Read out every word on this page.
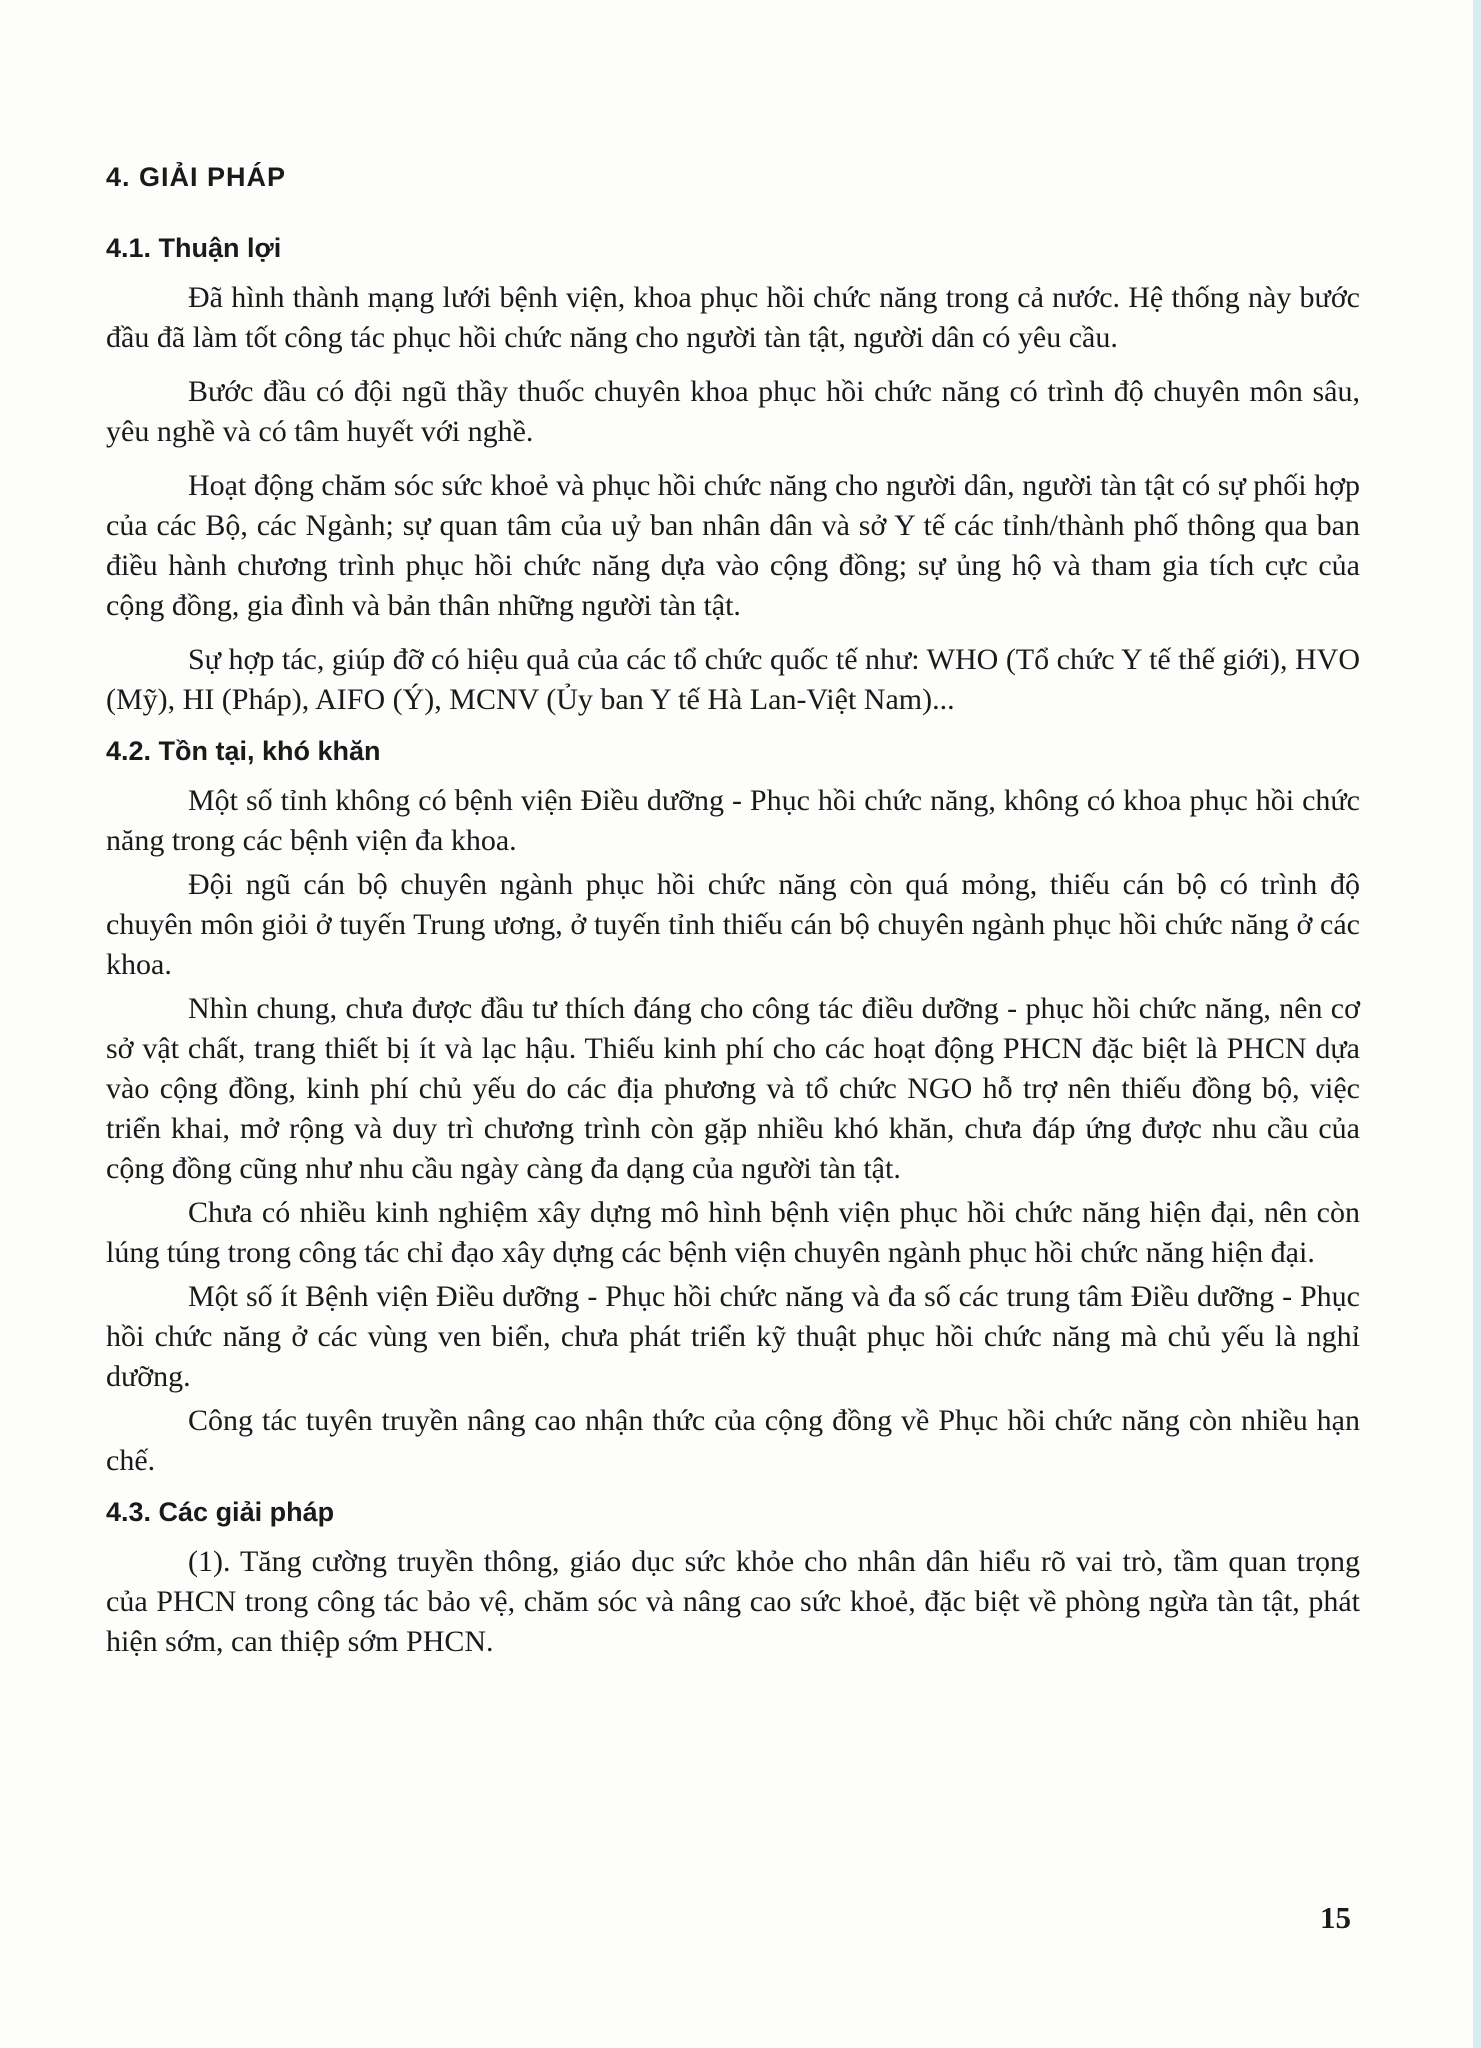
4. GIẢI PHÁP
4.1. Thuận lợi

Đã hình thành mạng lưới bệnh viện, khoa phục hồi chức năng trong cả nước. Hệ thống này bước đầu đã làm tốt công tác phục hồi chức năng cho người tàn tật, người dân có yêu cầu.

Bước đầu có đội ngũ thầy thuốc chuyên khoa phục hồi chức năng có trình độ chuyên môn sâu, yêu nghề và có tâm huyết với nghề.

Hoạt động chăm sóc sức khoẻ và phục hồi chức năng cho người dân, người tàn tật có sự phối hợp của các Bộ, các Ngành; sự quan tâm của uỷ ban nhân dân và sở Y tế các tỉnh/thành phố thông qua ban điều hành chương trình phục hồi chức năng dựa vào cộng đồng; sự ủng hộ và tham gia tích cực của cộng đồng, gia đình và bản thân những người tàn tật.

Sự hợp tác, giúp đỡ có hiệu quả của các tổ chức quốc tế như: WHO (Tổ chức Y tế thế giới), HVO (Mỹ), HI (Pháp), AIFO (Ý), MCNV (Ủy ban Y tế Hà Lan-Việt Nam)...

4.2. Tồn tại, khó khăn

Một số tỉnh không có bệnh viện Điều dưỡng - Phục hồi chức năng, không có khoa phục hồi chức năng trong các bệnh viện đa khoa.

Đội ngũ cán bộ chuyên ngành phục hồi chức năng còn quá mỏng, thiếu cán bộ có trình độ chuyên môn giỏi ở tuyến Trung ương, ở tuyến tỉnh thiếu cán bộ chuyên ngành phục hồi chức năng ở các khoa.

Nhìn chung, chưa được đầu tư thích đáng cho công tác điều dưỡng - phục hồi chức năng, nên cơ sở vật chất, trang thiết bị ít và lạc hậu. Thiếu kinh phí cho các hoạt động PHCN đặc biệt là PHCN dựa vào cộng đồng, kinh phí chủ yếu do các địa phương và tổ chức NGO hỗ trợ nên thiếu đồng bộ, việc triển khai, mở rộng và duy trì chương trình còn gặp nhiều khó khăn, chưa đáp ứng được nhu cầu của cộng đồng cũng như nhu cầu ngày càng đa dạng của người tàn tật.

Chưa có nhiều kinh nghiệm xây dựng mô hình bệnh viện phục hồi chức năng hiện đại, nên còn lúng túng trong công tác chỉ đạo xây dựng các bệnh viện chuyên ngành phục hồi chức năng hiện đại.

Một số ít Bệnh viện Điều dưỡng - Phục hồi chức năng và đa số các trung tâm Điều dưỡng - Phục hồi chức năng ở các vùng ven biển, chưa phát triển kỹ thuật phục hồi chức năng mà chủ yếu là nghỉ dưỡng.

Công tác tuyên truyền nâng cao nhận thức của cộng đồng về Phục hồi chức năng còn nhiều hạn chế.

4.3. Các giải pháp

(1). Tăng cường truyền thông, giáo dục sức khỏe cho nhân dân hiểu rõ vai trò, tầm quan trọng của PHCN trong công tác bảo vệ, chăm sóc và nâng cao sức khoẻ, đặc biệt về phòng ngừa tàn tật, phát hiện sớm, can thiệp sớm PHCN.

15
